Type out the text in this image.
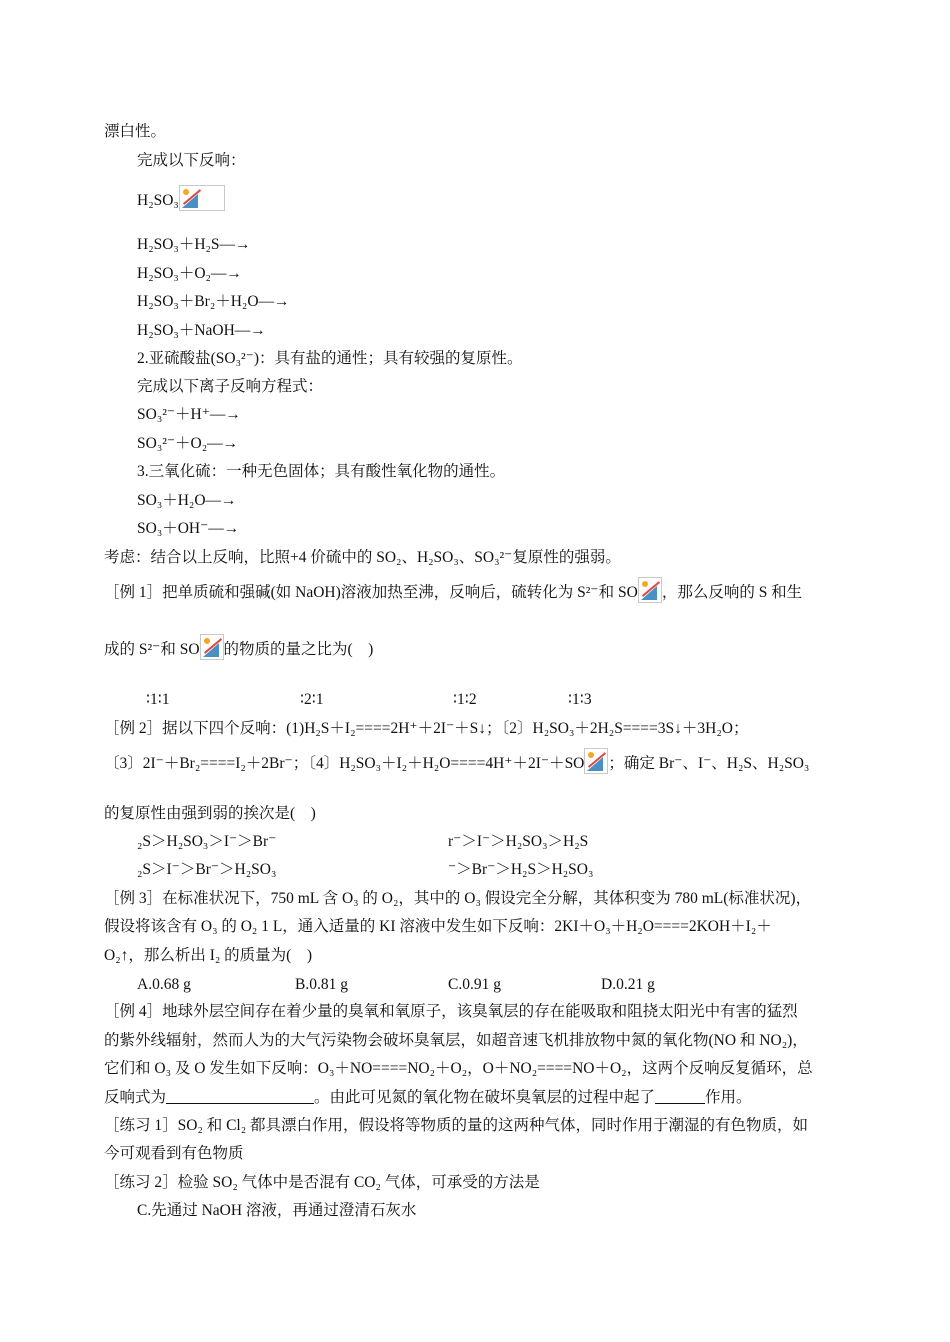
漂白性。
完成以下反响：
H₂SO₃
H₂SO₃＋H₂S—→
H₂SO₃＋O₂—→
H₂SO₃＋Br₂＋H₂O—→
H₂SO₃＋NaOH—→
2.亚硫酸盐(SO₃²⁻)：具有盐的通性；具有较强的复原性。
完成以下离子反响方程式：
SO₃²⁻＋H⁺—→
SO₃²⁻＋O₂—→
3.三氧化硫：一种无色固体；具有酸性氧化物的通性。
SO₃＋H₂O—→
SO₃＋OH⁻—→
考虑：结合以上反响，比照+4 价硫中的 SO₂、H₂SO₃、SO₃²⁻复原性的强弱。
［例 1］把单质硫和强碱(如 NaOH)溶液加热至沸，反响后，硫转化为 S²⁻和 SO ，那么反响的 S 和生
成的 S²⁻和 SO 的物质的量之比为(　)
∶1∶1	∶2∶1	∶1∶2	∶1∶3
［例 2］据以下四个反响：(1)H₂S＋I₂====2H⁺＋2I⁻＋S↓；〔2〕H₂SO₃＋2H₂S====3S↓＋3H₂O；
〔3〕2I⁻＋Br₂====I₂＋2Br⁻；〔4〕H₂SO₃＋I₂＋H₂O====4H⁺＋2I⁻＋SO ；确定 Br⁻、I⁻、H₂S、H₂SO₃
的复原性由强到弱的挨次是(　)
₂S＞H₂SO₃＞I⁻＞Br⁻	r⁻＞I⁻＞H₂SO₃＞H₂S
₂S＞I⁻＞Br⁻＞H₂SO₃	⁻＞Br⁻＞H₂S＞H₂SO₃
［例 3］在标准状况下，750 mL 含 O₃ 的 O₂，其中的 O₃ 假设完全分解，其体积变为 780 mL(标准状况)，
假设将该含有 O₃ 的 O₂ 1 L，通入适量的 KI 溶液中发生如下反响：2KI＋O₃＋H₂O====2KOH＋I₂＋
O₂↑，那么析出 I₂ 的质量为(　)
A.0.68 g	B.0.81 g	C.0.91 g	D.0.21 g
［例 4］地球外层空间存在着少量的臭氧和氧原子，该臭氧层的存在能吸取和阻挠太阳光中有害的猛烈
的紫外线辐射，然而人为的大气污染物会破坏臭氧层，如超音速飞机排放物中氮的氧化物(NO 和 NO₂)，
它们和 O₃ 及 O 发生如下反响：O₃＋NO====NO₂＋O₂，O＋NO₂====NO＋O₂，这两个反响反复循环，总
反响式为	。由此可见氮的氧化物在破坏臭氧层的过程中起了	作用。
［练习 1］SO₂ 和 Cl₂ 都具漂白作用，假设将等物质的量的这两种气体，同时作用于潮湿的有色物质，如
今可观看到有色物质
［练习 2］检验 SO₂ 气体中是否混有 CO₂ 气体，可承受的方法是
C.先通过 NaOH 溶液，再通过澄清石灰水
